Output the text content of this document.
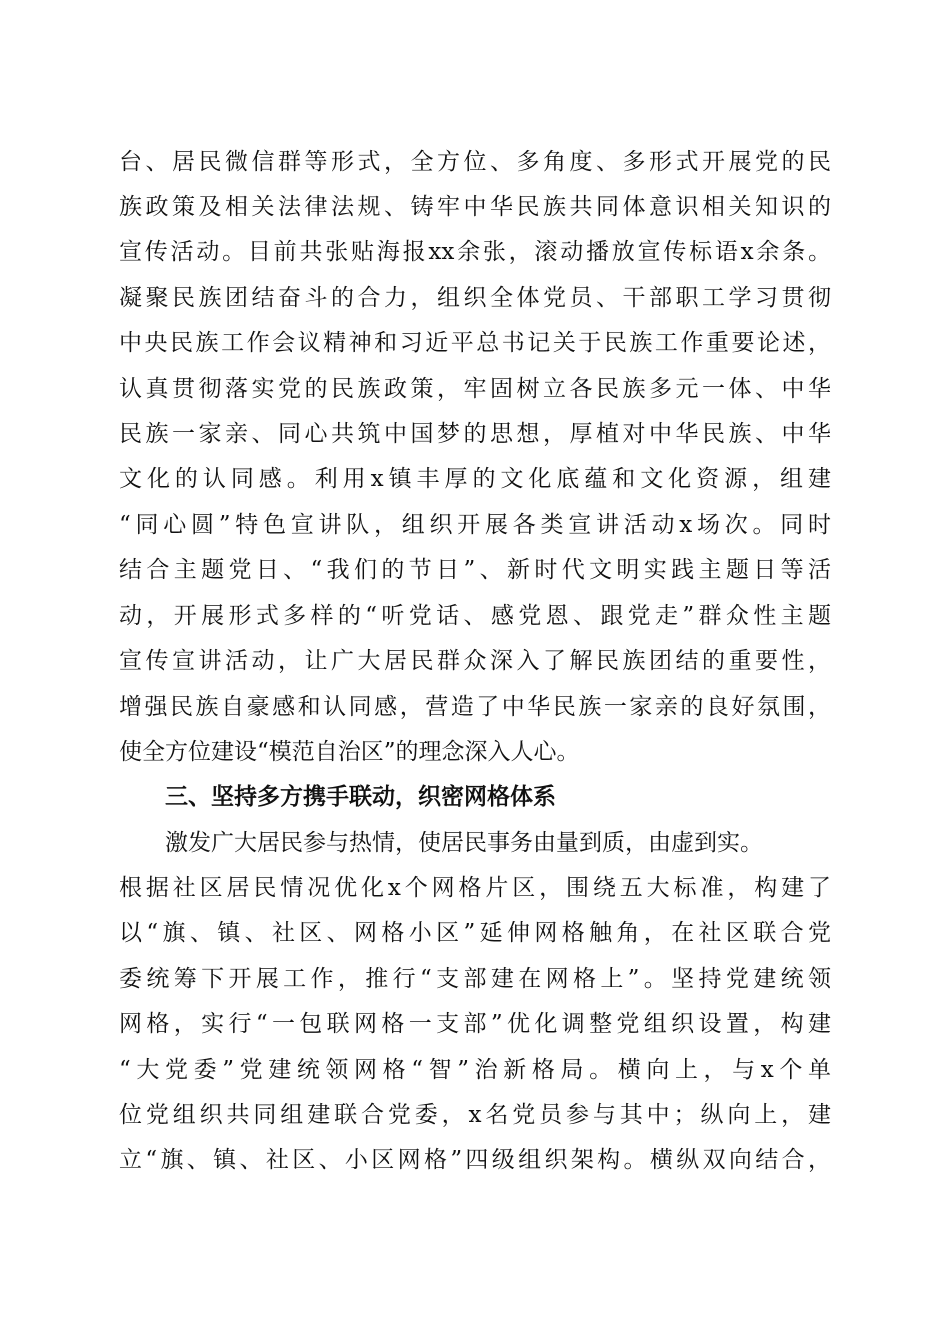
台、居民微信群等形式，全方位、多角度、多形式开展党的民
族政策及相关法律法规、铸牢中华民族共同体意识相关知识的
宣传活动。目前共张贴海报xx余张，滚动播放宣传标语x余条。
凝聚民族团结奋斗的合力，组织全体党员、干部职工学习贯彻
中央民族工作会议精神和习近平总书记关于民族工作重要论述，
认真贯彻落实党的民族政策，牢固树立各民族多元一体、中华
民族一家亲、同心共筑中国梦的思想，厚植对中华民族、中华
文化的认同感。利用x镇丰厚的文化底蕴和文化资源，组建
“同心圆”特色宣讲队，组织开展各类宣讲活动x场次。同时
结合主题党日、“我们的节日”、新时代文明实践主题日等活
动，开展形式多样的“听党话、感党恩、跟党走”群众性主题
宣传宣讲活动，让广大居民群众深入了解民族团结的重要性，
增强民族自豪感和认同感，营造了中华民族一家亲的良好氛围，
使全方位建设“模范自治区”的理念深入人心。
三、坚持多方携手联动，织密网格体系
激发广大居民参与热情，使居民事务由量到质，由虚到实。
根据社区居民情况优化x个网格片区，围绕五大标准，构建了
以“旗、镇、社区、网格小区”延伸网格触角，在社区联合党
委统筹下开展工作，推行“支部建在网格上”。坚持党建统领
网格，实行“一包联网格一支部”优化调整党组织设置，构建
“大党委”党建统领网格“智”治新格局。横向上，与x个单
位党组织共同组建联合党委，x名党员参与其中；纵向上，建
立“旗、镇、社区、小区网格”四级组织架构。横纵双向结合，
